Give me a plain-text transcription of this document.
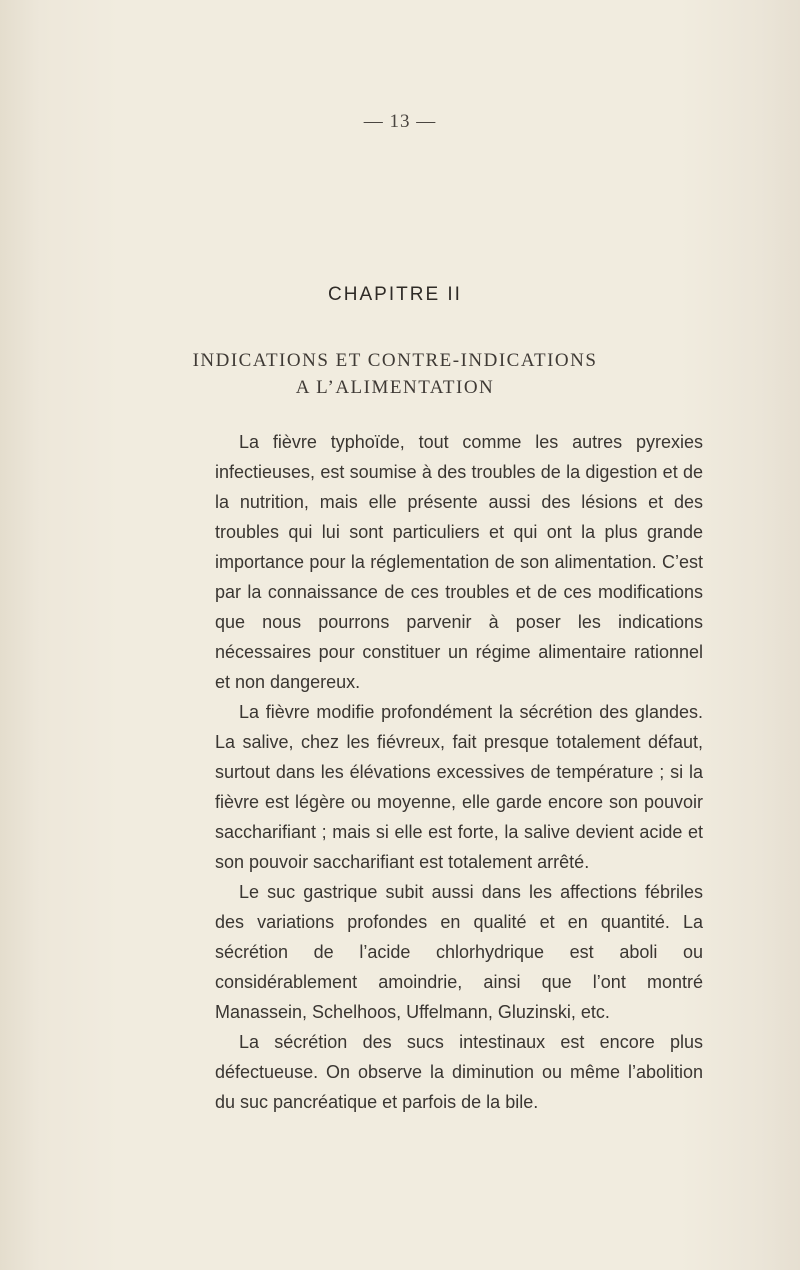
— 13 —
CHAPITRE II
INDICATIONS ET CONTRE-INDICATIONS
A L’ALIMENTATION

La fièvre typhoïde, tout comme les autres pyrexies infectieuses, est soumise à des troubles de la digestion et de la nutrition, mais elle présente aussi des lésions et des troubles qui lui sont particuliers et qui ont la plus grande importance pour la réglementation de son alimentation. C’est par la connaissance de ces troubles et de ces modifications que nous pourrons parvenir à poser les indications nécessaires pour constituer un régime alimentaire rationnel et non dangereux.

La fièvre modifie profondément la sécrétion des glandes. La salive, chez les fiévreux, fait presque totalement défaut, surtout dans les élévations excessives de température ; si la fièvre est légère ou moyenne, elle garde encore son pouvoir saccharifiant ; mais si elle est forte, la salive devient acide et son pouvoir saccharifiant est totalement arrêté.

Le suc gastrique subit aussi dans les affections fébriles des variations profondes en qualité et en quantité. La sécrétion de l’acide chlorhydrique est aboli ou considérablement amoindrie, ainsi que l’ont montré Manassein, Schelhoos, Uffelmann, Gluzinski, etc.

La sécrétion des sucs intestinaux est encore plus défectueuse. On observe la diminution ou même l’abolition du suc pancréatique et parfois de la bile.
